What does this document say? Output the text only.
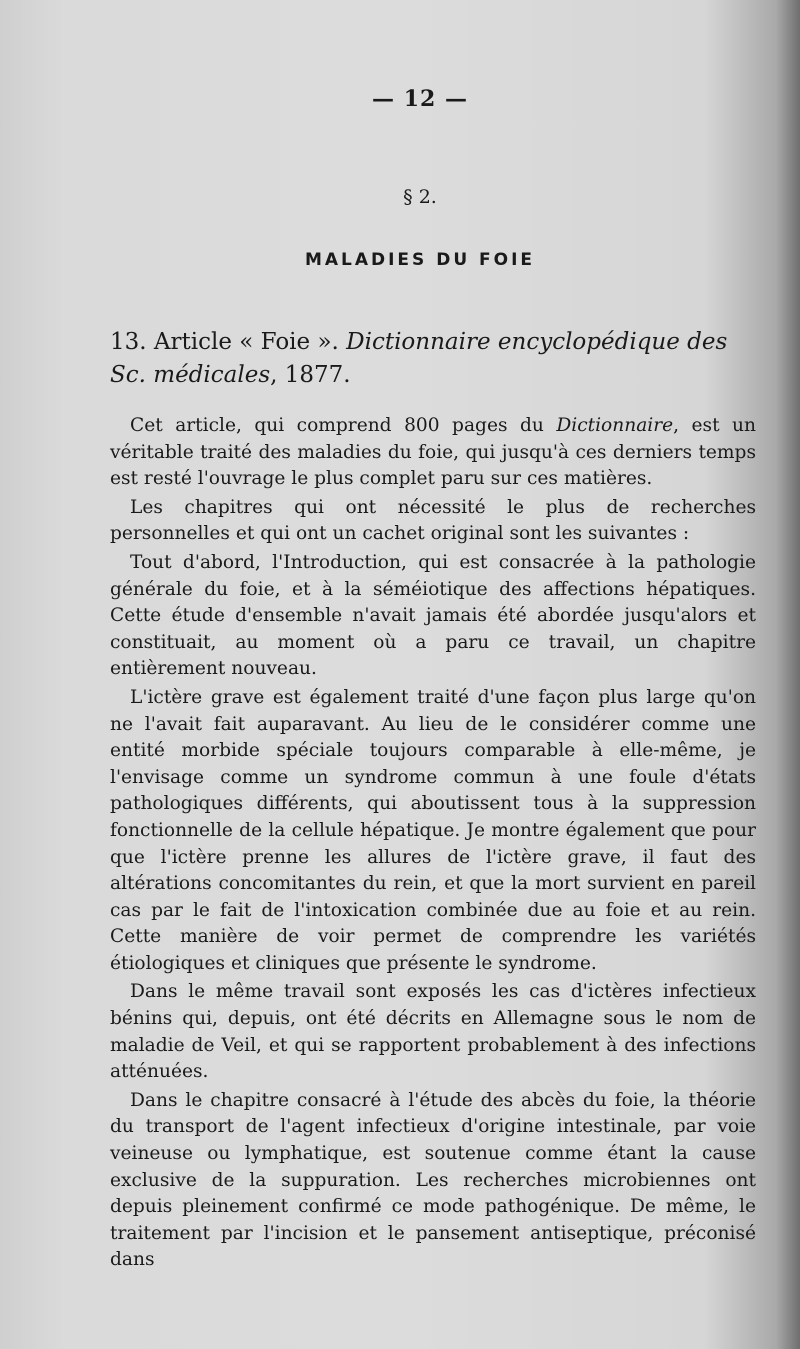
— 12 —
§ 2.
MALADIES DU FOIE
13. Article « Foie ». Dictionnaire encyclopédique des Sc. médicales, 1877.

Cet article, qui comprend 800 pages du Dictionnaire, est un véritable traité des maladies du foie, qui jusqu'à ces derniers temps est resté l'ouvrage le plus complet paru sur ces matières.

Les chapitres qui ont nécessité le plus de recherches personnelles et qui ont un cachet original sont les suivantes :

Tout d'abord, l'Introduction, qui est consacrée à la pathologie générale du foie, et à la séméiotique des affections hépatiques. Cette étude d'ensemble n'avait jamais été abordée jusqu'alors et constituait, au moment où a paru ce travail, un chapitre entièrement nouveau.

L'ictère grave est également traité d'une façon plus large qu'on ne l'avait fait auparavant. Au lieu de le considérer comme une entité morbide spéciale toujours comparable à elle-même, je l'envisage comme un syndrome commun à une foule d'états pathologiques différents, qui aboutissent tous à la suppression fonctionnelle de la cellule hépatique. Je montre également que pour que l'ictère prenne les allures de l'ictère grave, il faut des altérations concomitantes du rein, et que la mort survient en pareil cas par le fait de l'intoxication combinée due au foie et au rein. Cette manière de voir permet de comprendre les variétés étiologiques et cliniques que présente le syndrome.

Dans le même travail sont exposés les cas d'ictères infectieux bénins qui, depuis, ont été décrits en Allemagne sous le nom de maladie de Veil, et qui se rapportent probablement à des infections atténuées.

Dans le chapitre consacré à l'étude des abcès du foie, la théorie du transport de l'agent infectieux d'origine intestinale, par voie veineuse ou lymphatique, est soutenue comme étant la cause exclusive de la suppuration. Les recherches microbiennes ont depuis pleinement confirmé ce mode pathogénique. De même, le traitement par l'incision et le pansement antiseptique, préconisé dans
